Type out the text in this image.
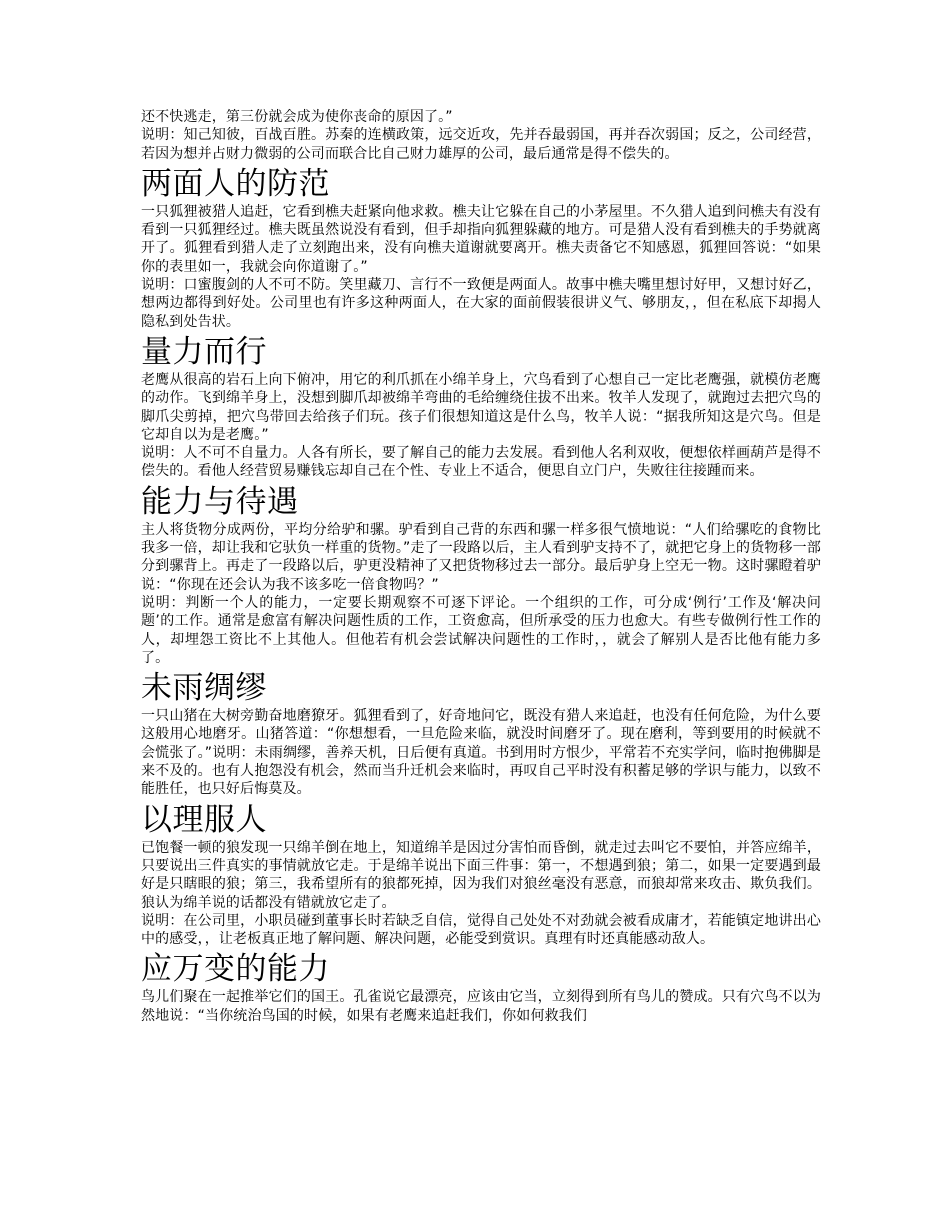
还不快逃走，第三份就会成为使你丧命的原因了。”

说明：知己知彼，百战百胜。苏秦的连横政策，远交近攻，先并吞最弱国，再并吞次弱国；反之，公司经营，若因为想并占财力微弱的公司而联合比自己财力雄厚的公司，最后通常是得不偿失的。

两面人的防范

一只狐狸被猎人追赶，它看到樵夫赶紧向他求救。樵夫让它躲在自己的小茅屋里。不久猎人追到问樵夫有没有看到一只狐狸经过。樵夫既虽然说没有看到，但手却指向狐狸躲藏的地方。可是猎人没有看到樵夫的手势就离开了。狐狸看到猎人走了立刻跑出来，没有向樵夫道谢就要离开。樵夫责备它不知感恩，狐狸回答说：“如果你的表里如一，我就会向你道谢了。”

说明：口蜜腹剑的人不可不防。笑里藏刀、言行不一致便是两面人。故事中樵夫嘴里想讨好甲，又想讨好乙，想两边都得到好处。公司里也有许多这种两面人，在大家的面前假装很讲义气、够朋友，，但在私底下却揭人隐私到处告状。

量力而行

老鹰从很高的岩石上向下俯冲，用它的利爪抓在小绵羊身上，穴鸟看到了心想自己一定比老鹰强，就模仿老鹰的动作。飞到绵羊身上，没想到脚爪却被绵羊弯曲的毛给缠绕住拔不出来。牧羊人发现了，就跑过去把穴鸟的脚爪尖剪掉，把穴鸟带回去给孩子们玩。孩子们很想知道这是什么鸟，牧羊人说：“据我所知这是穴鸟。但是它却自以为是老鹰。”

说明：人不可不自量力。人各有所长，要了解自己的能力去发展。看到他人名利双收，便想依样画葫芦是得不偿失的。看他人经营贸易赚钱忘却自己在个性、专业上不适合，便思自立门户，失败往往接踵而来。

能力与待遇

主人将货物分成两份，平均分给驴和骡。驴看到自己背的东西和骡一样多很气愤地说：“人们给骡吃的食物比我多一倍，却让我和它驮负一样重的货物。”走了一段路以后，主人看到驴支持不了，就把它身上的货物移一部分到骡背上。再走了一段路以后，驴更没精神了又把货物移过去一部分。最后驴身上空无一物。这时骡瞪着驴说：“你现在还会认为我不该多吃一倍食物吗？”

说明：判断一个人的能力，一定要长期观察不可逐下评论。一个组织的工作，可分成‘例行’工作及‘解决问题’的工作。通常是愈富有解决问题性质的工作，工资愈高，但所承受的压力也愈大。有些专做例行性工作的人，却埋怨工资比不上其他人。但他若有机会尝试解决问题性的工作时，，就会了解别人是否比他有能力多了。

未雨绸缪

一只山猪在大树旁勤奋地磨獠牙。狐狸看到了，好奇地问它，既没有猎人来追赶，也没有任何危险，为什么要这般用心地磨牙。山猪答道：“你想想看，一旦危险来临，就没时间磨牙了。现在磨利，等到要用的时候就不会慌张了。”说明：未雨绸缪，善养天机，日后便有真道。书到用时方恨少，平常若不充实学问，临时抱佛脚是来不及的。也有人抱怨没有机会，然而当升迁机会来临时，再叹自己平时没有积蓄足够的学识与能力，以致不能胜任，也只好后悔莫及。

以理服人

已饱餐一顿的狼发现一只绵羊倒在地上，知道绵羊是因过分害怕而昏倒，就走过去叫它不要怕，并答应绵羊，只要说出三件真实的事情就放它走。于是绵羊说出下面三件事：第一，不想遇到狼；第二，如果一定要遇到最好是只瞎眼的狼；第三，我希望所有的狼都死掉，因为我们对狼丝毫没有恶意，而狼却常来攻击、欺负我们。狼认为绵羊说的话都没有错就放它走了。

说明：在公司里，小职员碰到董事长时若缺乏自信，觉得自己处处不对劲就会被看成庸才，若能镇定地讲出心中的感受，，让老板真正地了解问题、解决问题，必能受到赏识。真理有时还真能感动敌人。

应万变的能力

鸟儿们聚在一起推举它们的国王。孔雀说它最漂亮，应该由它当，立刻得到所有鸟儿的赞成。只有穴鸟不以为然地说：“当你统治鸟国的时候，如果有老鹰来追赶我们，你如何救我们
